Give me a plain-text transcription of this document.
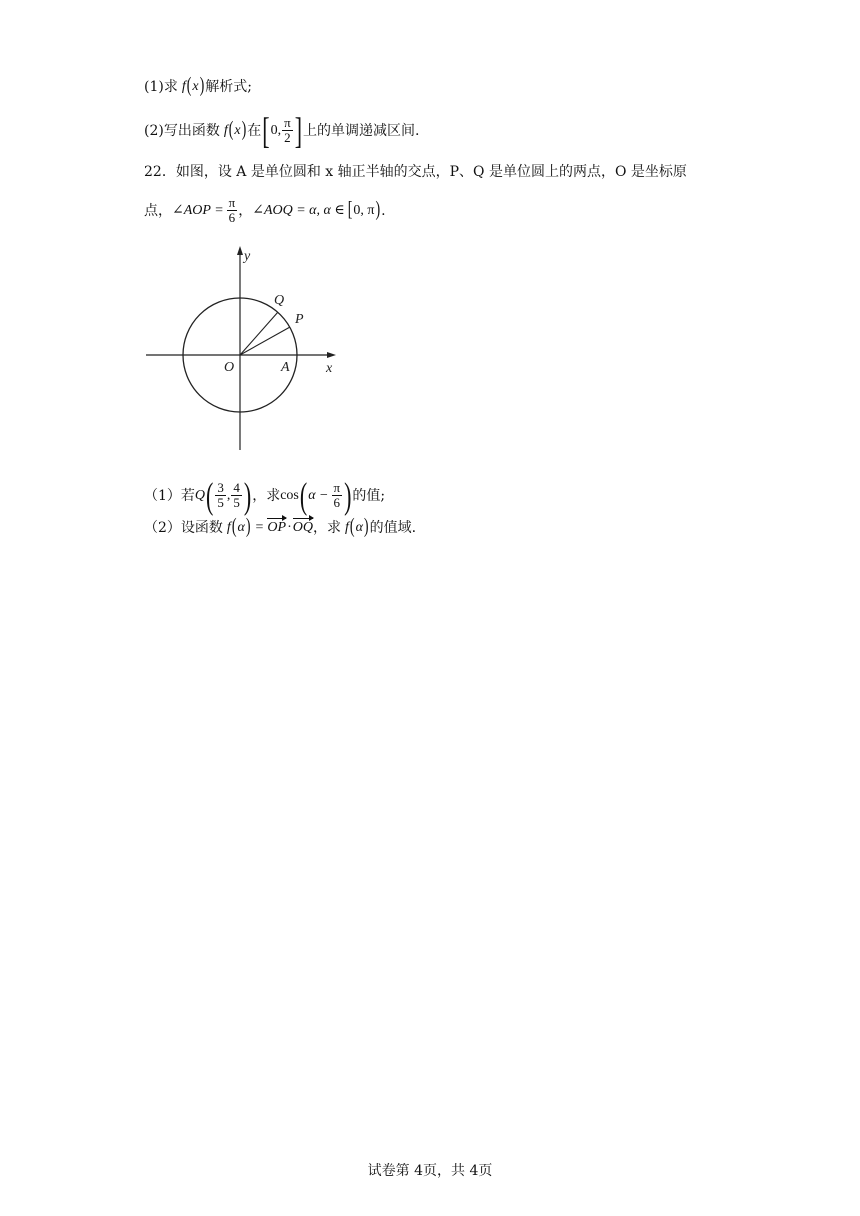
(1)求 f ( x ) 解析式;
(2)写出函数 f ( x ) 在 [ 0, $\frac{\pi}{2}$ ] 上的单调递减区间.
22．如图，设 A 是单位圆和 x 轴正半轴的交点，P、Q 是单位圆上的两点，O 是坐标原
点， ∠AOP = $\frac{\pi}{6}$ ， ∠AOQ = α, α ∈ [ 0, π ) .
y
x
O	A
P
Q
（1）若 Q ( $\frac{3}{5}$ , $\frac{4}{5}$ ) ，求 cos ( $\alpha - \frac{\pi}{6}$ ) 的值;
（2）设函数 f ( α ) = OP · OQ ，求 f ( α ) 的值域.
试卷第 4页，共 4页
